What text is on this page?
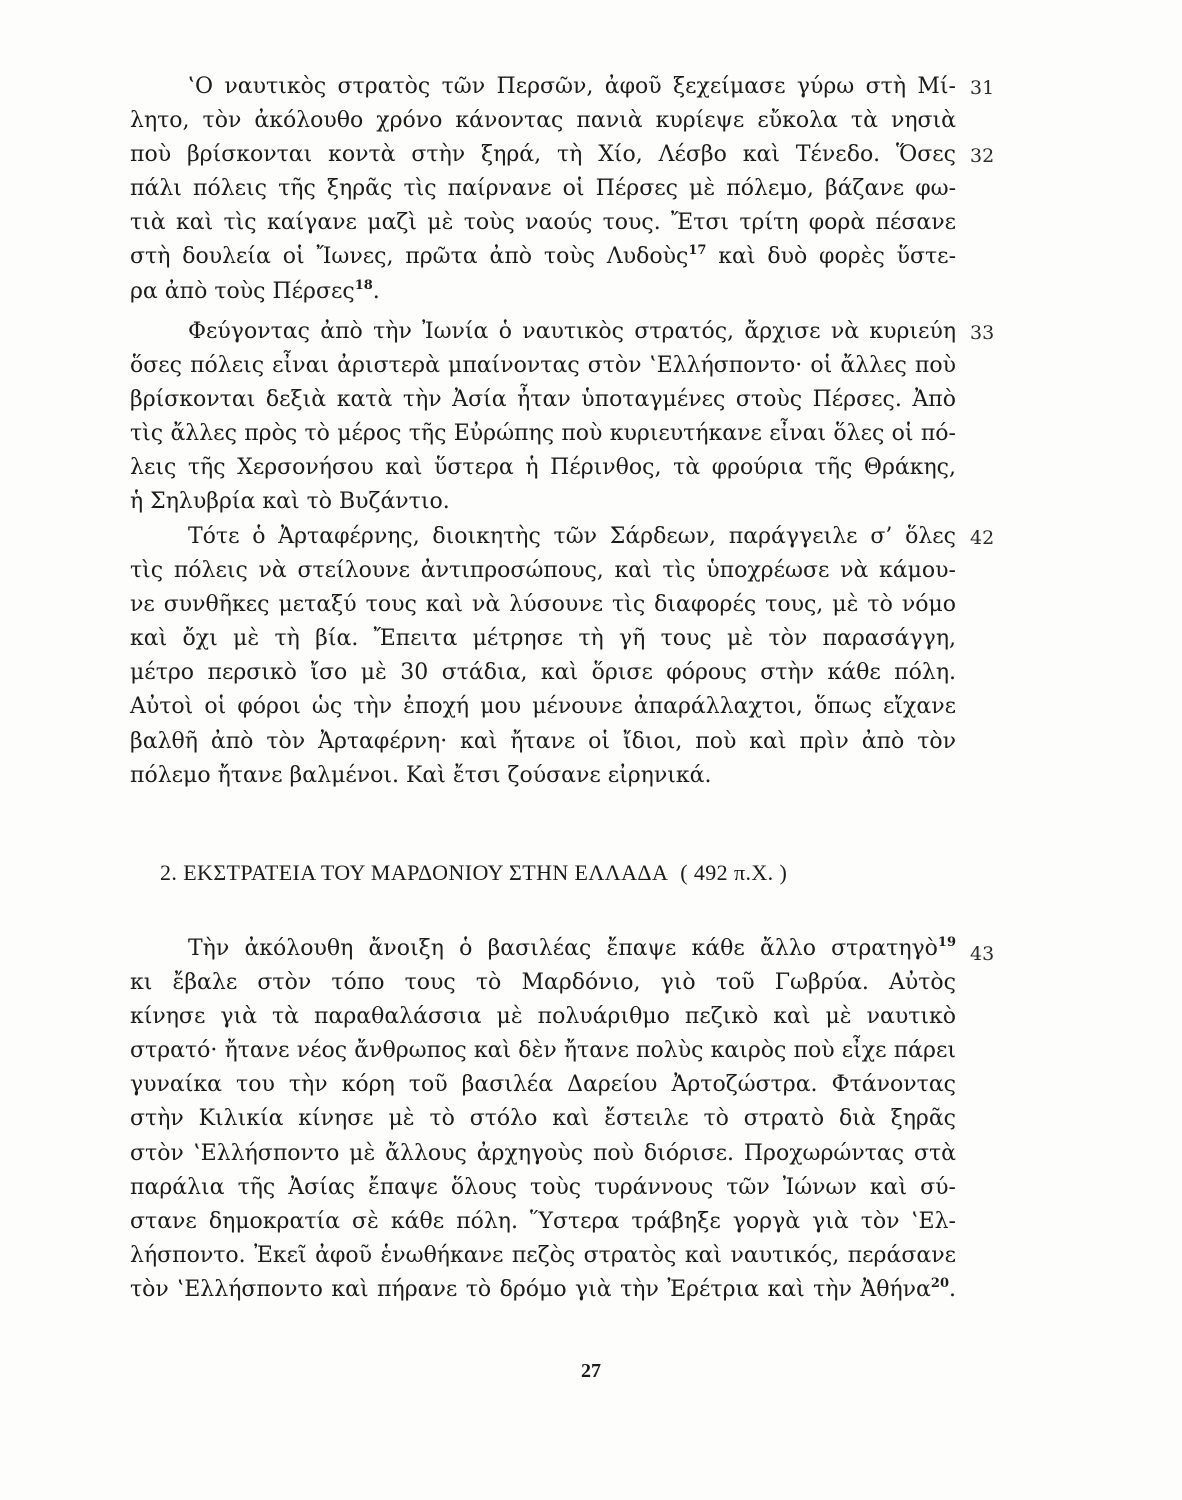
‛Ο ναυτικὸς στρατὸς τῶν Περσῶν, ἀφοῦ ξεχείμασε γύρω στὴ Μί-
λητο, τὸν ἀκόλουθο χρόνο κάνοντας πανιὰ κυρίεψε εὔκολα τὰ νησιὰ
ποὺ βρίσκονται κοντὰ στὴν ξηρά, τὴ Χίο, Λέσβο καὶ Τένεδο. Ὅσες
πάλι πόλεις τῆς ξηρᾶς τὶς παίρνανε οἱ Πέρσες μὲ πόλεμο, βάζανε φω-
τιὰ καὶ τὶς καίγανε μαζὶ μὲ τοὺς ναούς τους. Ἔτσι τρίτη φορὰ πέσανε
στὴ δουλεία οἱ Ἴωνες, πρῶτα ἀπὸ τοὺς Λυδοὺς$^{17}$ καὶ δυὸ φορὲς ὕστε-
ρα ἀπὸ τοὺς Πέρσες$^{18}$.
Φεύγοντας ἀπὸ τὴν Ἰωνία ὁ ναυτικὸς στρατός, ἄρχισε νὰ κυριεύη
ὅσες πόλεις εἶναι ἀριστερὰ μπαίνοντας στὸν ‛Ελλήσποντο· οἱ ἄλλες ποὺ
βρίσκονται δεξιὰ κατὰ τὴν Ἀσία ἦταν ὑποταγμένες στοὺς Πέρσες. Ἀπὸ
τὶς ἄλλες πρὸς τὸ μέρος τῆς Εὐρώπης ποὺ κυριευτήκανε εἶναι ὅλες οἱ πό-
λεις τῆς Χερσονήσου καὶ ὕστερα ἡ Πέρινθος, τὰ φρούρια τῆς Θράκης,
ἡ Σηλυβρία καὶ τὸ Βυζάντιο.
Τότε ὁ Ἀρταφέρνης, διοικητὴς τῶν Σάρδεων, παράγγειλε σ’ ὅλες
τὶς πόλεις νὰ στείλουνε ἀντιπροσώπους, καὶ τὶς ὑποχρέωσε νὰ κάμου-
νε συνθῆκες μεταξύ τους καὶ νὰ λύσουνε τὶς διαφορές τους, μὲ τὸ νόμο
καὶ ὄχι μὲ τὴ βία. Ἔπειτα μέτρησε τὴ γῆ τους μὲ τὸν παρασάγγη,
μέτρο περσικὸ ἴσο μὲ 30 στάδια, καὶ ὅρισε φόρους στὴν κάθε πόλη.
Αὐτοὶ οἱ φόροι ὡς τὴν ἐποχή μου μένουνε ἀπαράλλαχτοι, ὅπως εἴχανε
βαλθῆ ἀπὸ τὸν Ἀρταφέρνη· καὶ ἤτανε οἱ ἴδιοι, ποὺ καὶ πρὶν ἀπὸ τὸν
πόλεμο ἤτανε βαλμένοι. Καὶ ἔτσι ζούσανε εἰρηνικά.
2. ΕΚΣΤΡΑΤΕΙΑ ΤΟΥ ΜΑΡΔΟΝΙΟΥ ΣΤΗΝ ΕΛΛΑΔΑ ( 492 π.Χ. )
Τὴν ἀκόλουθη ἄνοιξη ὁ βασιλέας ἔπαψε κάθε ἄλλο στρατηγὸ$^{19}$
κι ἔβαλε στὸν τόπο τους τὸ Μαρδόνιο, γιὸ τοῦ Γωβρύα. Αὐτὸς
κίνησε γιὰ τὰ παραθαλάσσια μὲ πολυάριθμο πεζικὸ καὶ μὲ ναυτικὸ
στρατό· ἤτανε νέος ἄνθρωπος καὶ δὲν ἤτανε πολὺς καιρὸς ποὺ εἶχε πάρει
γυναίκα του τὴν κόρη τοῦ βασιλέα Δαρείου Ἀρτοζώστρα. Φτάνοντας
στὴν Κιλικία κίνησε μὲ τὸ στόλο καὶ ἔστειλε τὸ στρατὸ διὰ ξηρᾶς
στὸν ‛Ελλήσποντο μὲ ἄλλους ἀρχηγοὺς ποὺ διόρισε. Προχωρώντας στὰ
παράλια τῆς Ἀσίας ἔπαψε ὅλους τοὺς τυράννους τῶν Ἰώνων καὶ σύ-
στανε δημοκρατία σὲ κάθε πόλη. Ὕστερα τράβηξε γοργὰ γιὰ τὸν ‛Ελ-
λήσποντο. Ἐκεῖ ἀφοῦ ἑνωθήκανε πεζὸς στρατὸς καὶ ναυτικός, περάσανε
τὸν ‛Ελλήσποντο καὶ πήρανε τὸ δρόμο γιὰ τὴν Ἐρέτρια καὶ τὴν Ἀθήνα$^{20}$.
31
32
33
42
43
27
